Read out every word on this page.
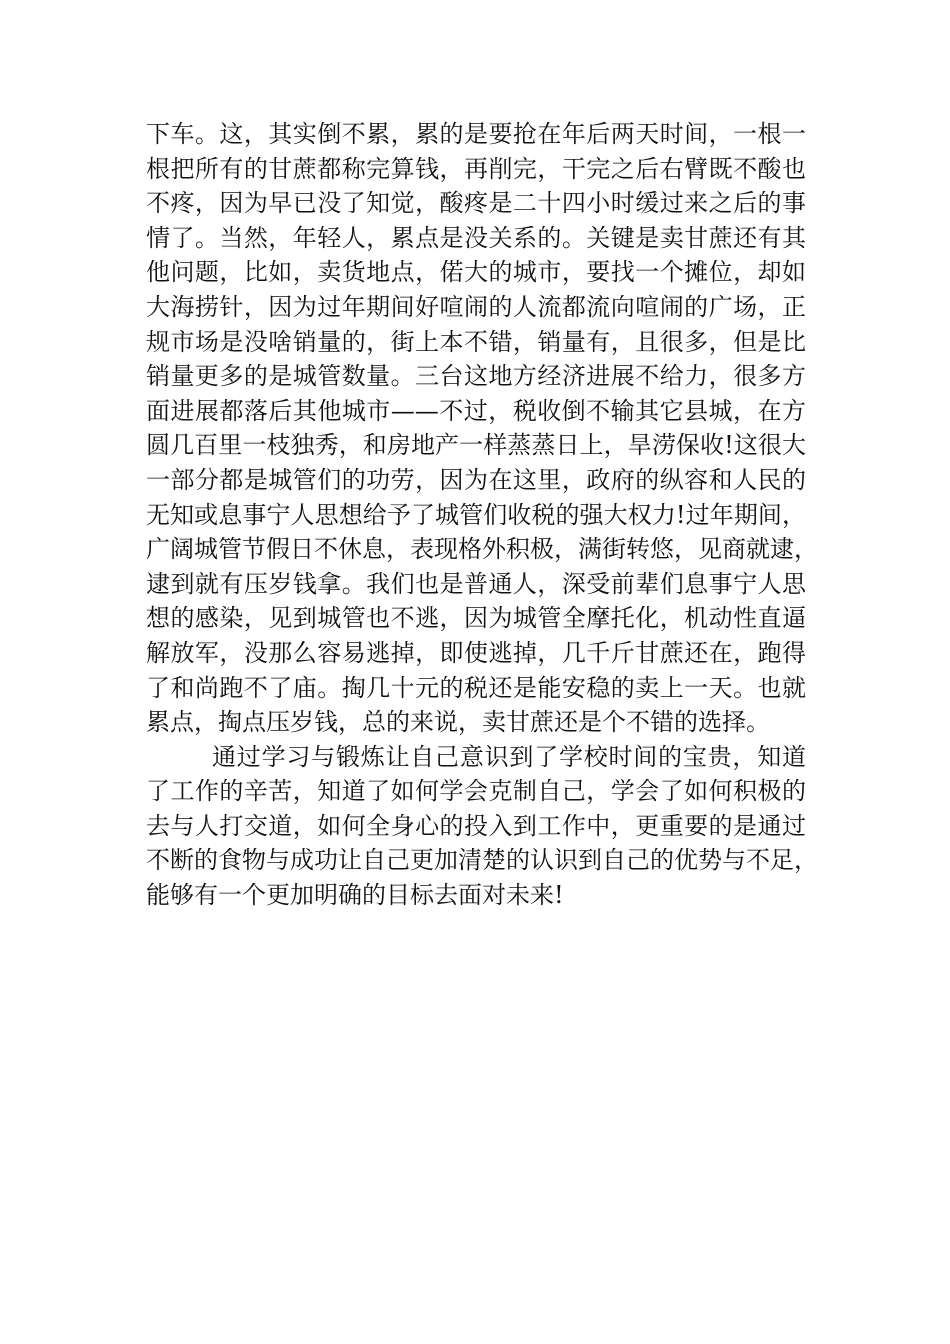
下车。这，其实倒不累，累的是要抢在年后两天时间，一根一
根把所有的甘蔗都称完算钱，再削完，干完之后右臂既不酸也
不疼，因为早已没了知觉，酸疼是二十四小时缓过来之后的事
情了。当然，年轻人，累点是没关系的。关键是卖甘蔗还有其
他问题，比如，卖货地点，偌大的城市，要找一个摊位，却如
大海捞针，因为过年期间好喧闹的人流都流向喧闹的广场，正
规市场是没啥销量的，街上本不错，销量有，且很多，但是比
销量更多的是城管数量。三台这地方经济进展不给力，很多方
面进展都落后其他城市——不过，税收倒不输其它县城，在方
圆几百里一枝独秀，和房地产一样蒸蒸日上，旱涝保收!这很大
一部分都是城管们的功劳，因为在这里，政府的纵容和人民的
无知或息事宁人思想给予了城管们收税的强大权力!过年期间，
广阔城管节假日不休息，表现格外积极，满街转悠，见商就逮，
逮到就有压岁钱拿。我们也是普通人，深受前辈们息事宁人思
想的感染，见到城管也不逃，因为城管全摩托化，机动性直逼
解放军，没那么容易逃掉，即使逃掉，几千斤甘蔗还在，跑得
了和尚跑不了庙。掏几十元的税还是能安稳的卖上一天。也就
累点，掏点压岁钱，总的来说，卖甘蔗还是个不错的选择。
通过学习与锻炼让自己意识到了学校时间的宝贵，知道
了工作的辛苦，知道了如何学会克制自己，学会了如何积极的
去与人打交道，如何全身心的投入到工作中，更重要的是通过
不断的食物与成功让自己更加清楚的认识到自己的优势与不足，
能够有一个更加明确的目标去面对未来!
